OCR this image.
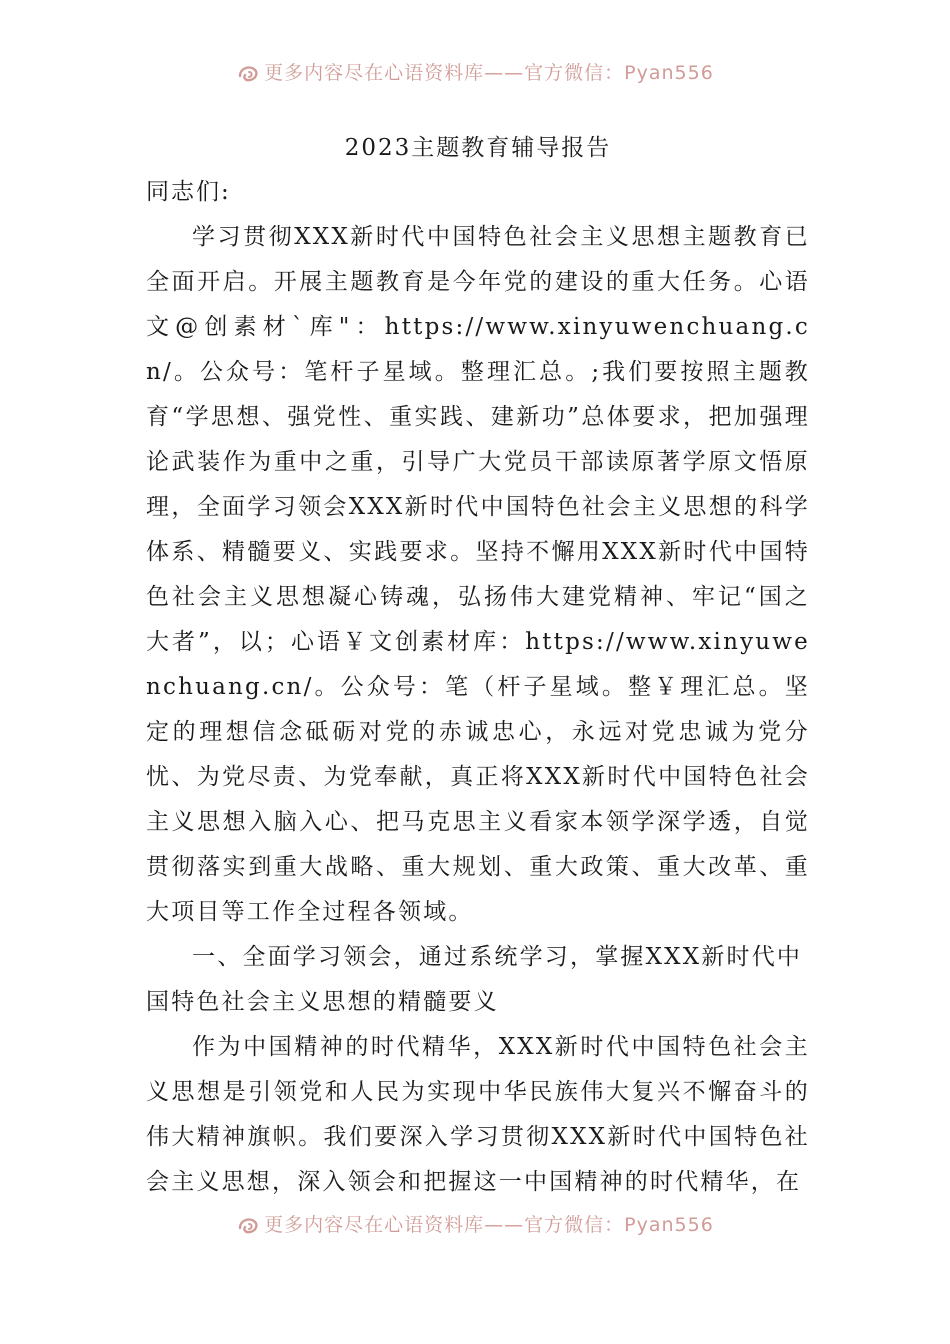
更多内容尽在心语资料库——官方微信：Pyan556
2023主题教育辅导报告

同志们:

学习贯彻XXX新时代中国特色社会主义思想主题教育已全面开启。开展主题教育是今年党的建设的重大任务。心语文@创素材`库"：https://www.xinyuwenchuang.cn/。公众号：笔杆子星域。整理汇总。;我们要按照主题教育“学思想、强党性、重实践、建新功”总体要求，把加强理论武装作为重中之重，引导广大党员干部读原著学原文悟原理，全面学习领会XXX新时代中国特色社会主义思想的科学体系、精髓要义、实践要求。坚持不懈用XXX新时代中国特色社会主义思想凝心铸魂，弘扬伟大建党精神、牢记“国之大者”，以；心语￥文创素材库：https://www.xinyuwenchuang.cn/。公众号：笔（杆子星域。整￥理汇总。坚定的理想信念砥砺对党的赤诚忠心，永远对党忠诚为党分忧、为党尽责、为党奉献，真正将XXX新时代中国特色社会主义思想入脑入心、把马克思主义看家本领学深学透，自觉贯彻落实到重大战略、重大规划、重大政策、重大改革、重大项目等工作全过程各领域。

一、全面学习领会，通过系统学习，掌握XXX新时代中国特色社会主义思想的精髓要义

作为中国精神的时代精华，XXX新时代中国特色社会主义思想是引领党和人民为实现中华民族伟大复兴不懈奋斗的伟大精神旗帜。我们要深入学习贯彻XXX新时代中国特色社会主义思想，深入领会和把握这一中国精神的时代精华，在

更多内容尽在心语资料库——官方微信：Pyan556
